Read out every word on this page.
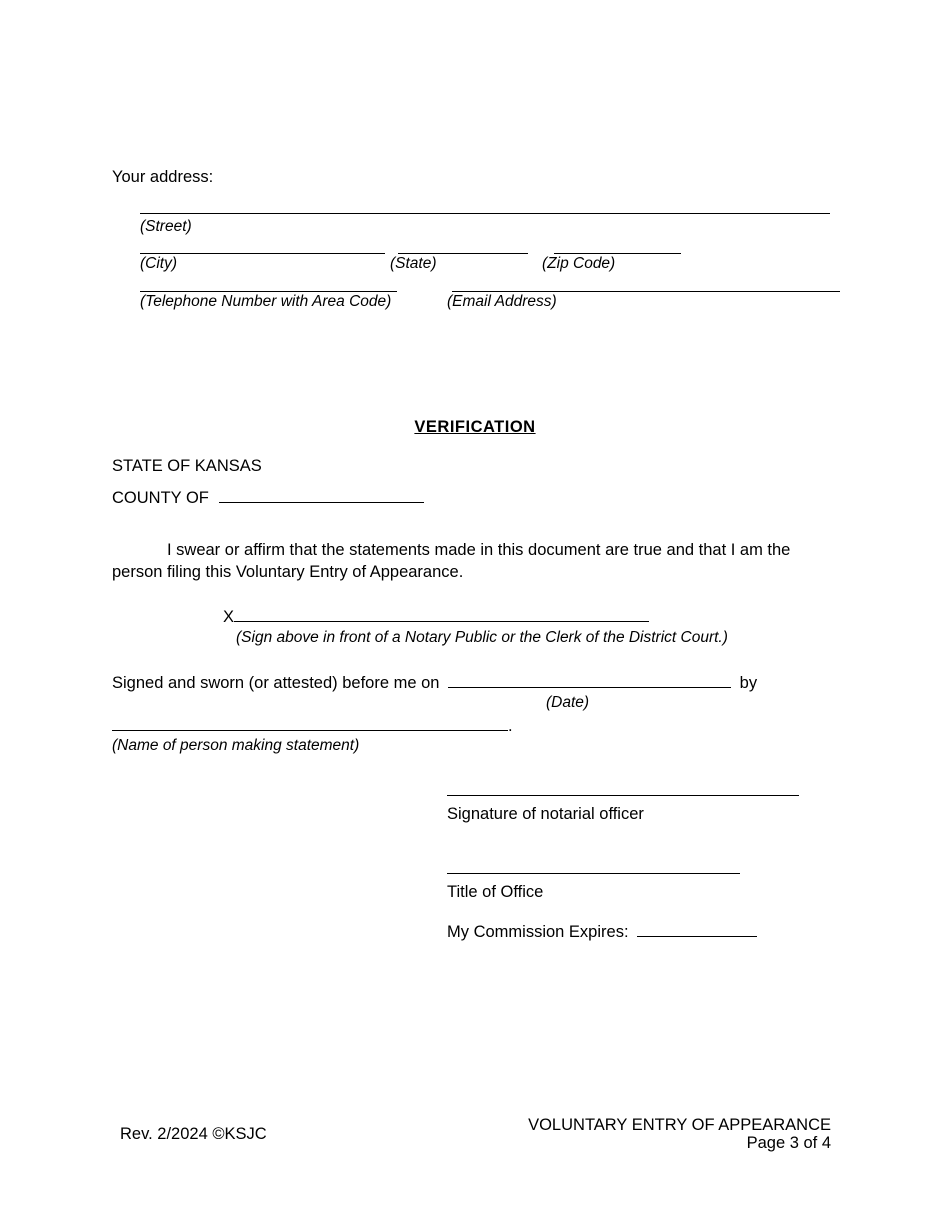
Your address:
(Street)

(City)	(State)	(Zip Code)

(Telephone Number with Area Code)	(Email Address)
VERIFICATION
STATE OF KANSAS
COUNTY OF
I swear or affirm that the statements made in this document are true and that I am the person filing this Voluntary Entry of Appearance.
X
(Sign above in front of a Notary Public or the Clerk of the District Court.)
Signed and sworn (or attested) before me on	by
(Date)
.
(Name of person making statement)
Signature of notarial officer
Title of Office
My Commission Expires:
Rev. 2/2024 ©KSJC	VOLUNTARY ENTRY OF APPEARANCE
Page 3 of 4
